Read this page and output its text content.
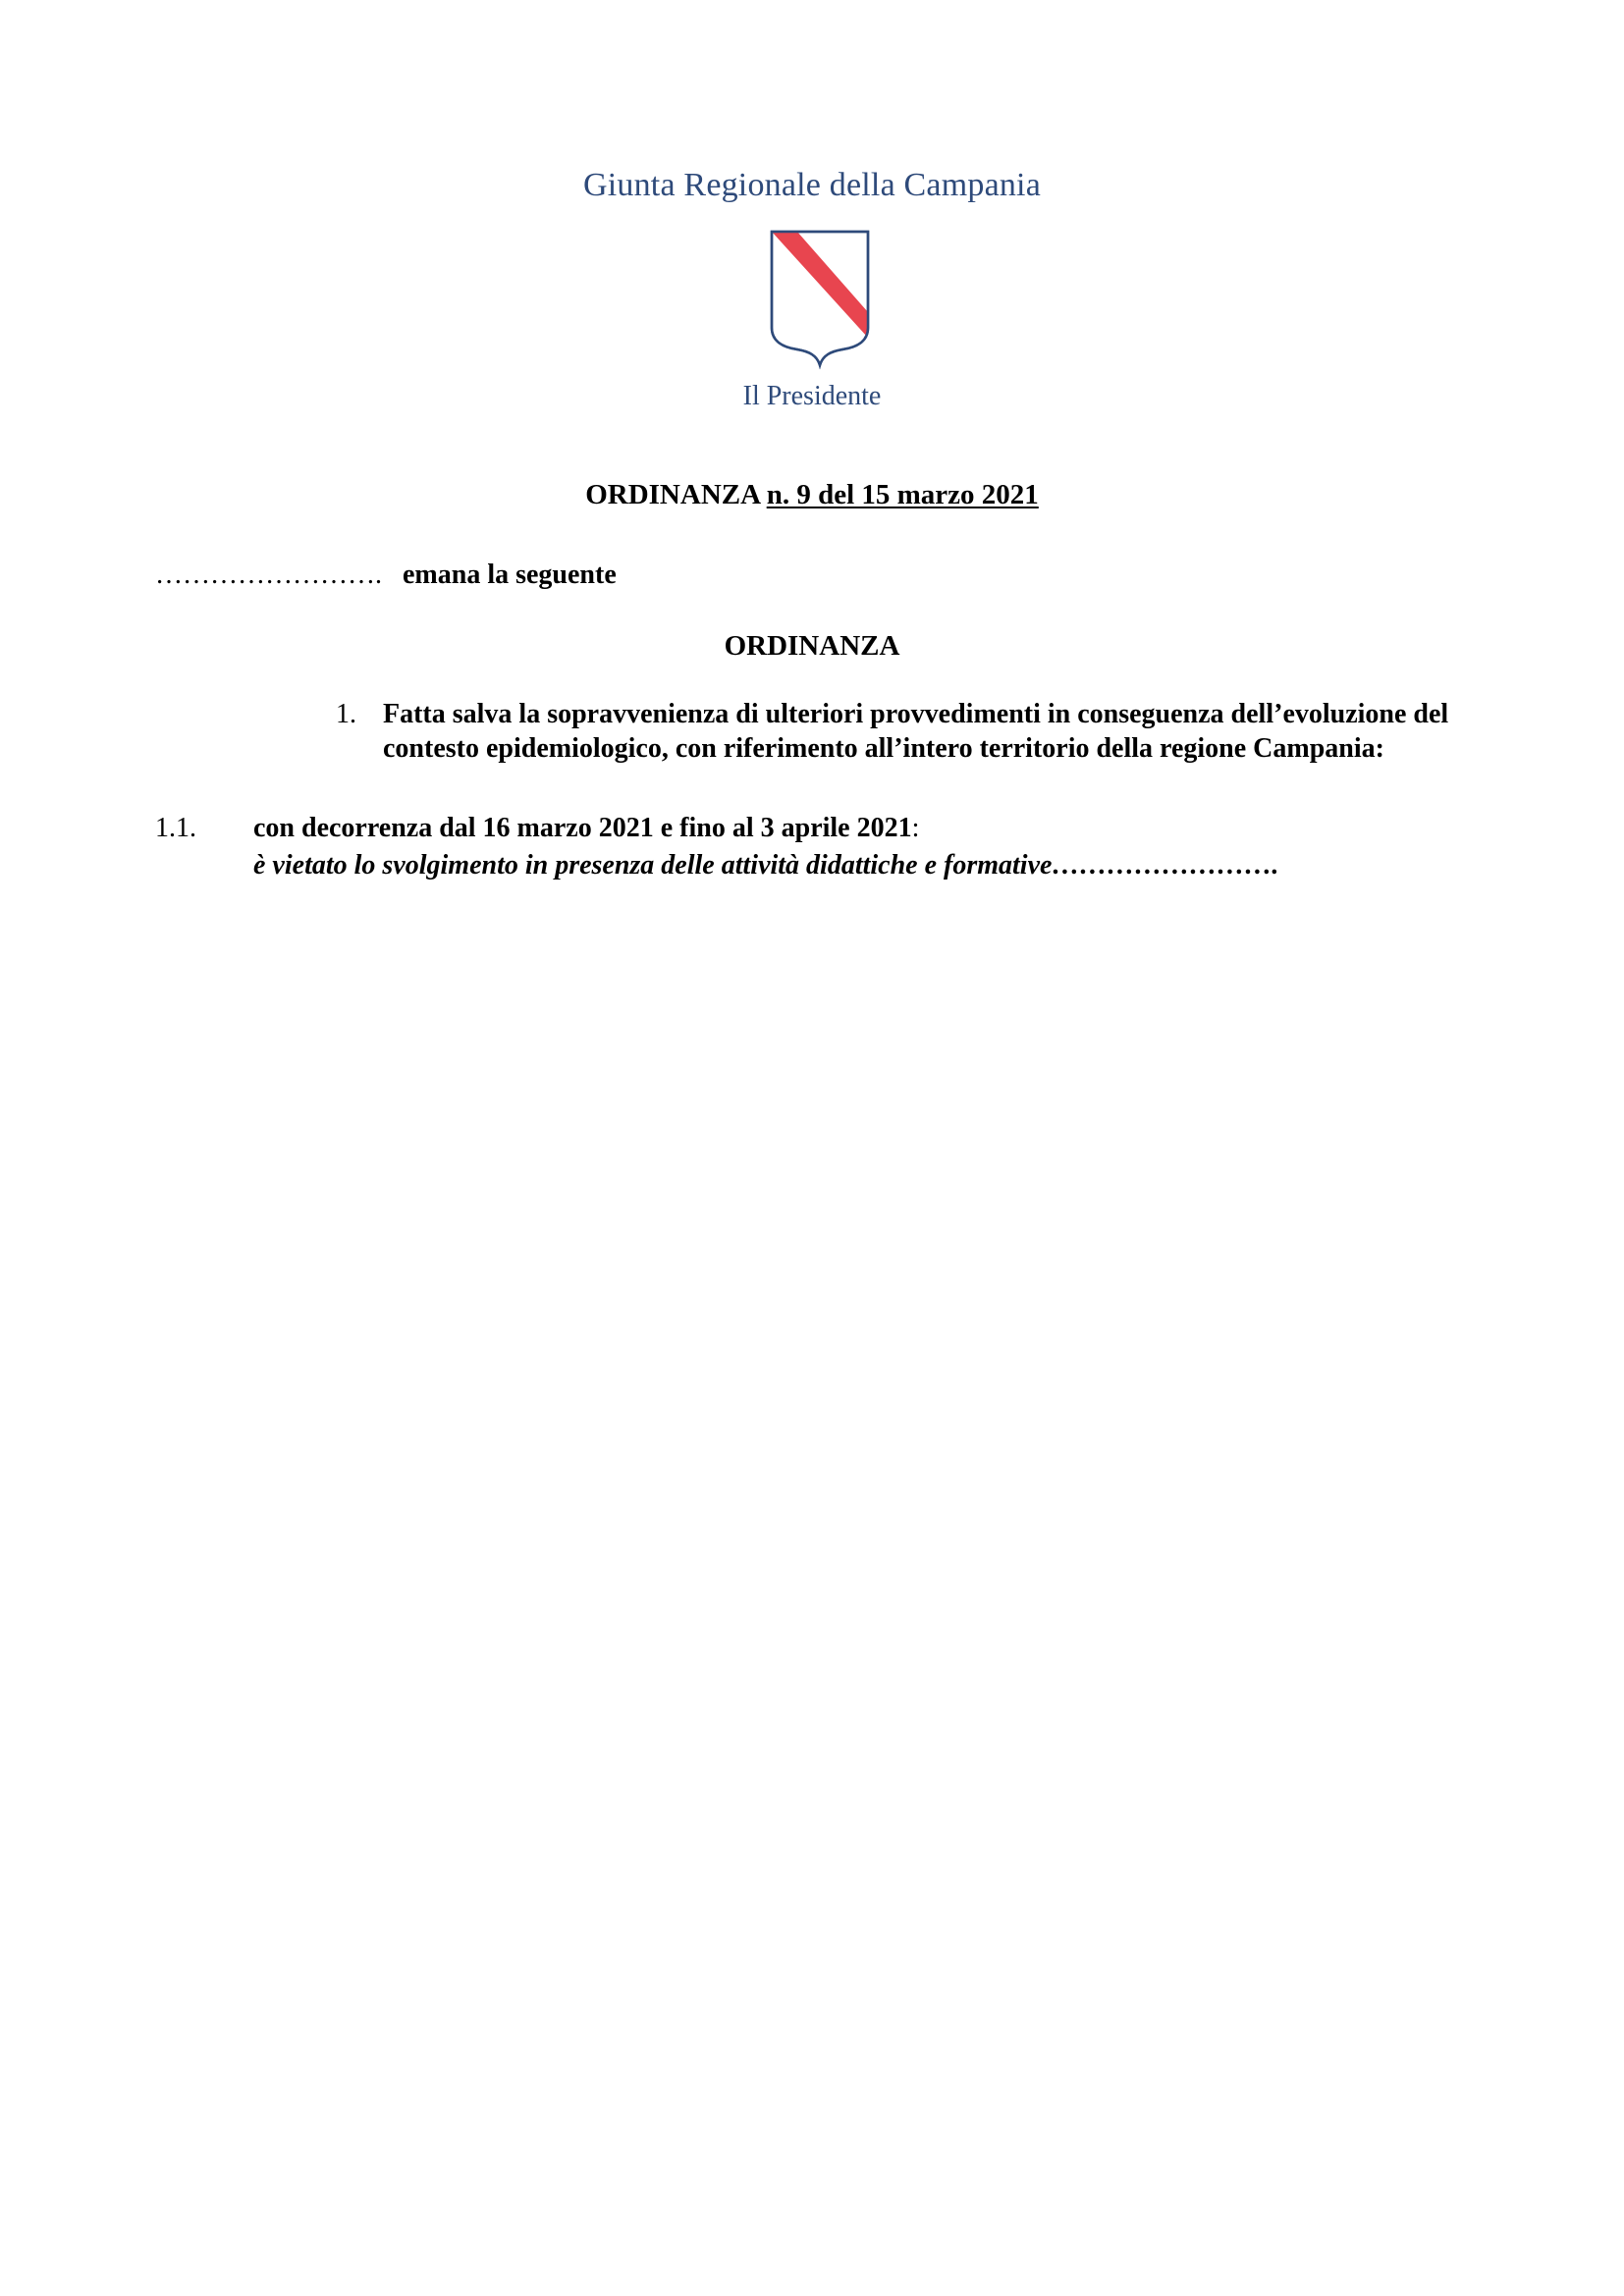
Giunta Regionale della Campania
Il Presidente
ORDINANZA n. 9 del 15 marzo 2021
……………………. emana la seguente
ORDINANZA
1. Fatta salva la sopravvenienza di ulteriori provvedimenti in conseguenza dell’evoluzione del contesto epidemiologico, con riferimento all’intero territorio della regione Campania:
1.1. con decorrenza dal 16 marzo 2021 e fino al 3 aprile 2021:
è vietato lo svolgimento in presenza delle attività didattiche e formative…………………….
